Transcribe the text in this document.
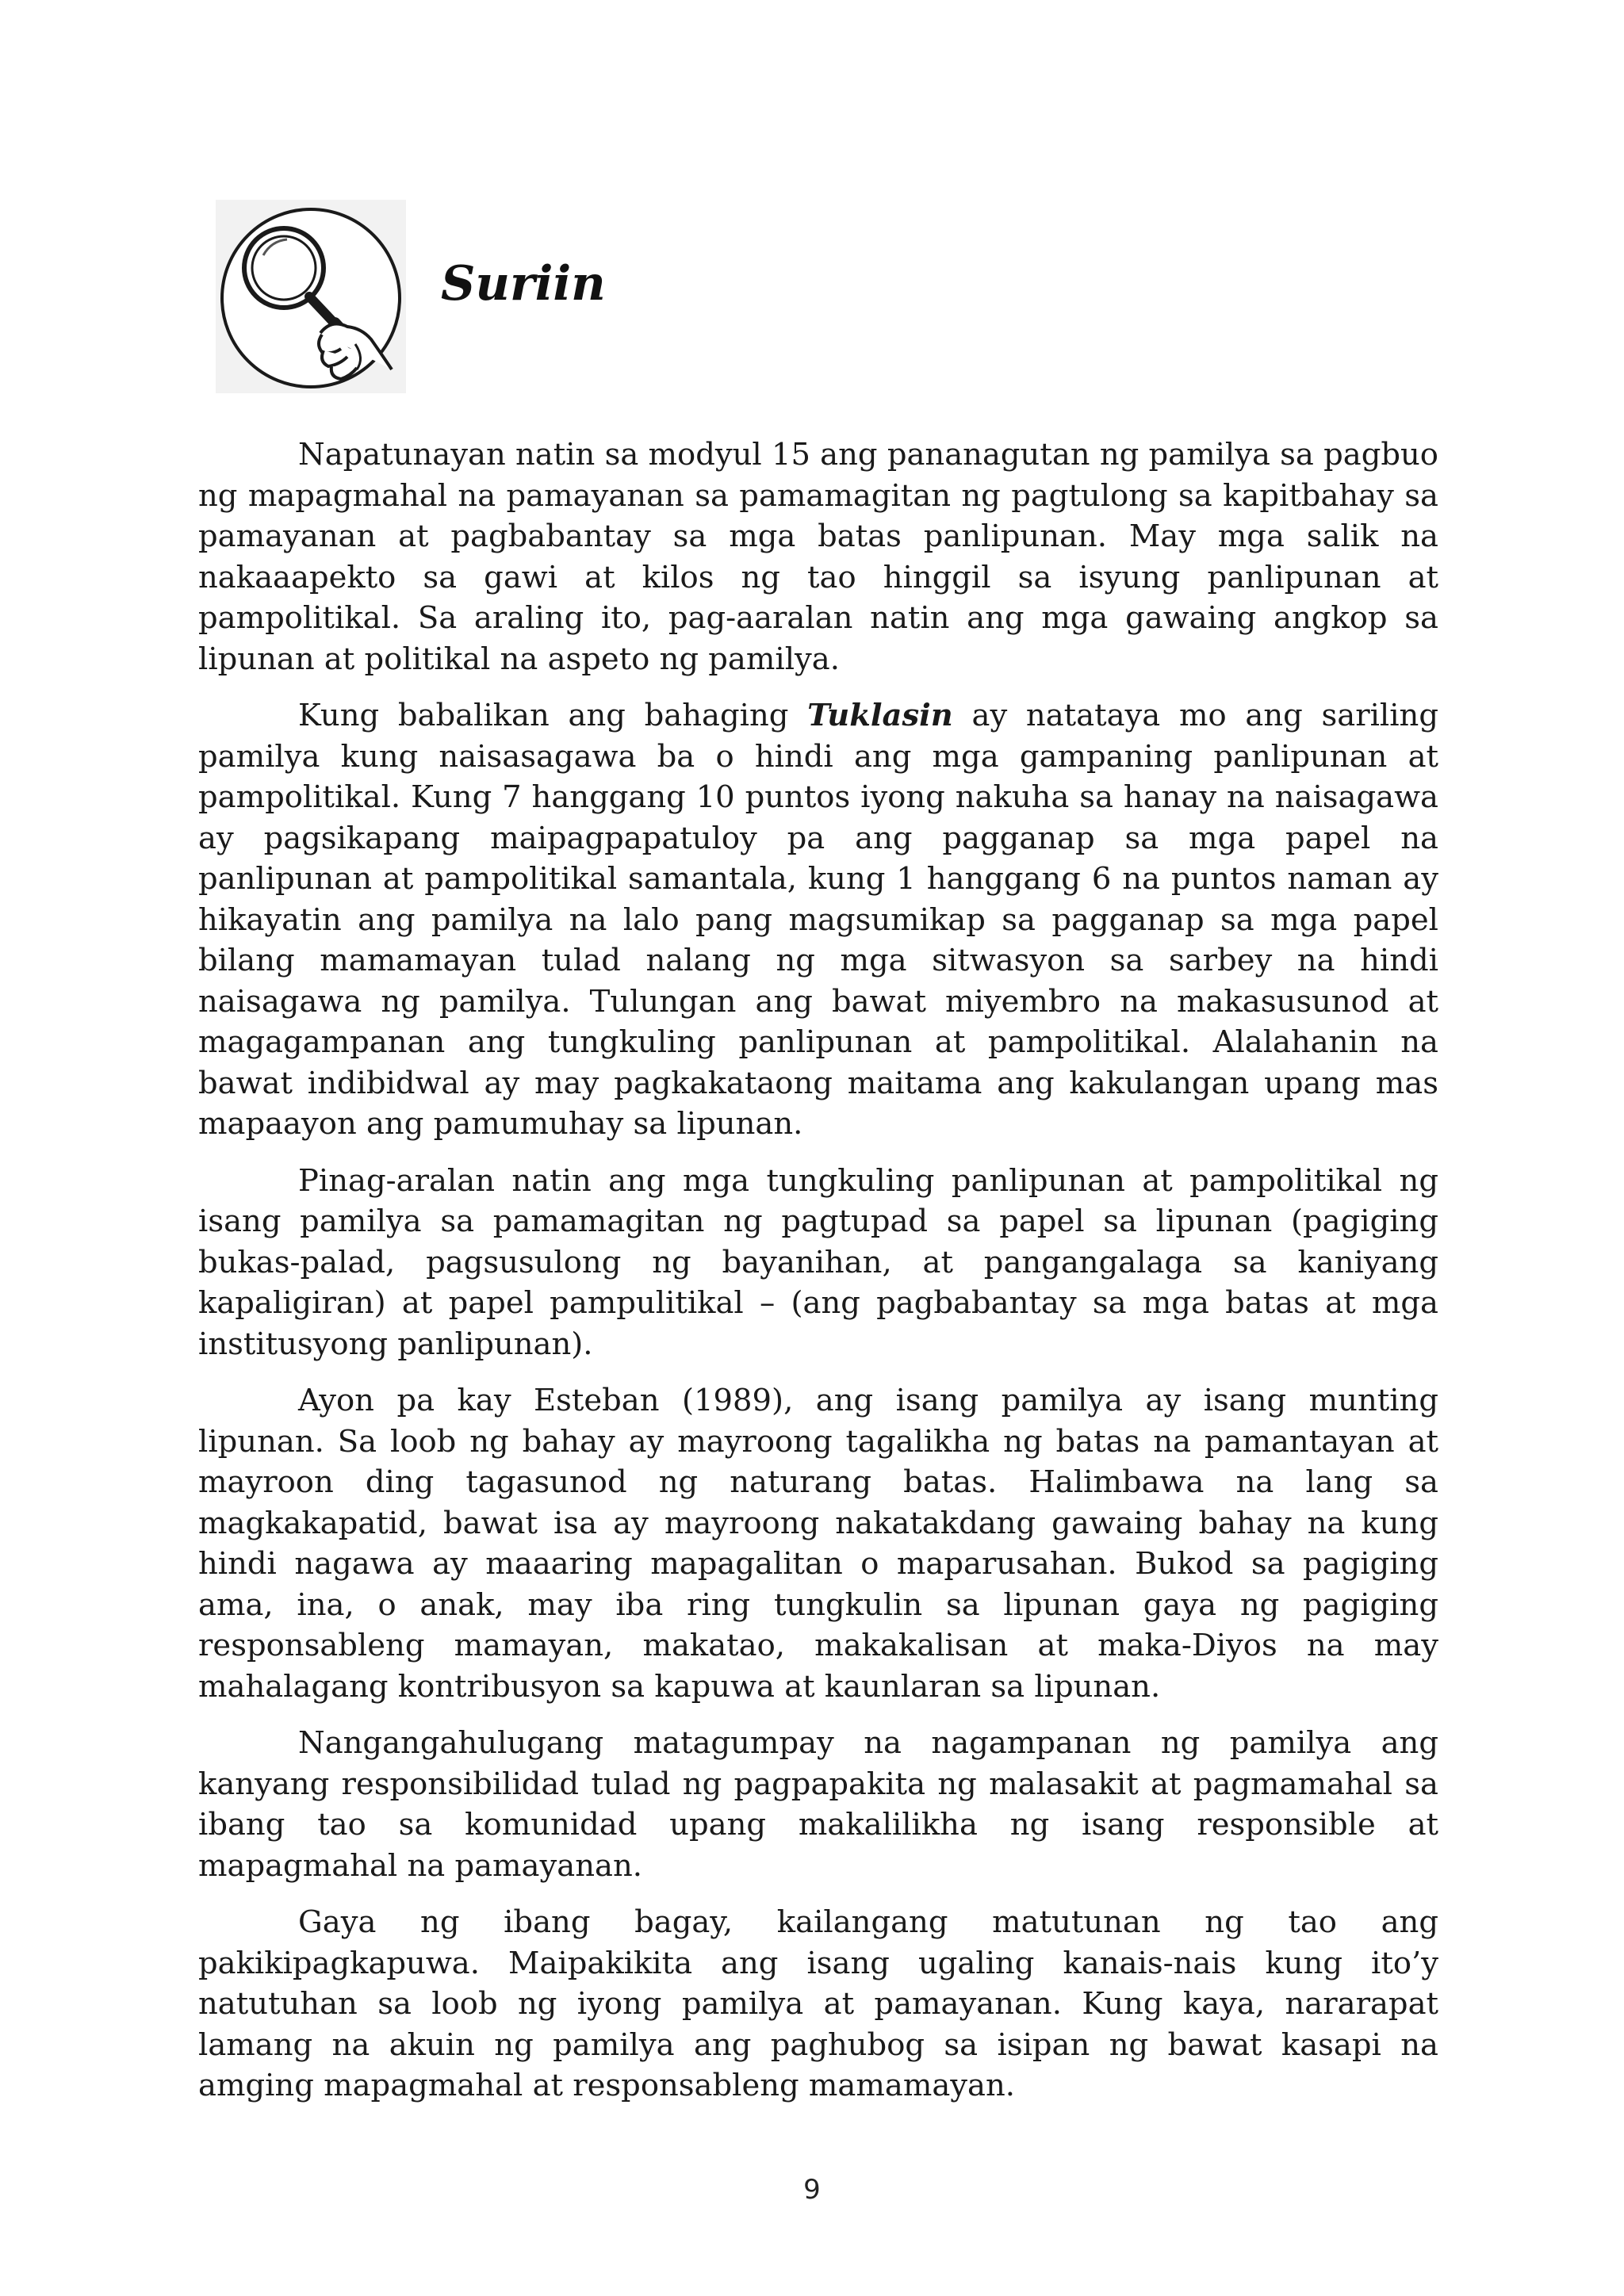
Suriin

Napatunayan natin sa modyul 15 ang pananagutan ng pamilya sa pagbuo ng mapagmahal na pamayanan sa pamamagitan ng pagtulong sa kapitbahay sa pamayanan at pagbabantay sa mga batas panlipunan. May mga salik na nakaaapekto sa gawi at kilos ng tao hinggil sa isyung panlipunan at pampolitikal. Sa araling ito, pag-aaralan natin ang mga gawaing angkop sa lipunan at politikal na aspeto ng pamilya.

Kung babalikan ang bahaging Tuklasin ay natataya mo ang sariling pamilya kung naisasagawa ba o hindi ang mga gampaning panlipunan at pampolitikal. Kung 7 hanggang 10 puntos iyong nakuha sa hanay na naisagawa ay pagsikapang maipagpapatuloy pa ang pagganap sa mga papel na panlipunan at pampolitikal samantala, kung 1 hanggang 6 na puntos naman ay hikayatin ang pamilya na lalo pang magsumikap sa pagganap sa mga papel bilang mamamayan tulad nalang ng mga sitwasyon sa sarbey na hindi naisagawa ng pamilya. Tulungan ang bawat miyembro na makasusunod at magagampanan ang tungkuling panlipunan at pampolitikal. Alalahanin na bawat indibidwal ay may pagkakataong maitama ang kakulangan upang mas mapaayon ang pamumuhay sa lipunan.

Pinag-aralan natin ang mga tungkuling panlipunan at pampolitikal ng isang pamilya sa pamamagitan ng pagtupad sa papel sa lipunan (pagiging bukas-palad, pagsusulong ng bayanihan, at pangangalaga sa kaniyang kapaligiran) at papel pampulitikal – (ang pagbabantay sa mga batas at mga institusyong panlipunan).

Ayon pa kay Esteban (1989), ang isang pamilya ay isang munting lipunan. Sa loob ng bahay ay mayroong tagalikha ng batas na pamantayan at mayroon ding tagasunod ng naturang batas. Halimbawa na lang sa magkakapatid, bawat isa ay mayroong nakatakdang gawaing bahay na kung hindi nagawa ay maaaring mapagalitan o maparusahan. Bukod sa pagiging ama, ina, o anak, may iba ring tungkulin sa lipunan gaya ng pagiging responsableng mamayan, makatao, makakalisan at maka-Diyos na may mahalagang kontribusyon sa kapuwa at kaunlaran sa lipunan.

Nangangahulugang matagumpay na nagampanan ng pamilya ang kanyang responsibilidad tulad ng pagpapakita ng malasakit at pagmamahal sa ibang tao sa komunidad upang makalilikha ng isang responsible at mapagmahal na pamayanan.

Gaya ng ibang bagay, kailangang matutunan ng tao ang pakikipagkapuwa. Maipakikita ang isang ugaling kanais-nais kung ito’y natutuhan sa loob ng iyong pamilya at pamayanan. Kung kaya, nararapat lamang na akuin ng pamilya ang paghubog sa isipan ng bawat kasapi na amging mapagmahal at responsableng mamamayan.

9
